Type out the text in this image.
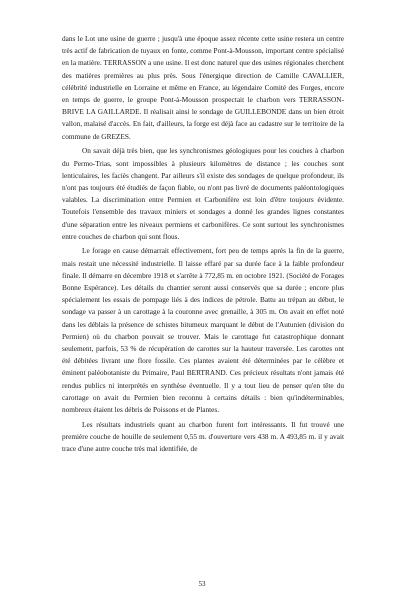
dans le Lot une usine de guerre ; jusqu'à une époque assez récente cette usine restera un centre très actif de fabrication de tuyaux en fonte, comme Pont-à-Mousson, important centre spécialisé en la matière. TERRASSON a une usine. Il est donc naturel que des usines régionales cherchent des matières premières au plus près. Sous l'énergique direction de Camille CAVALLIER, célébrité industrielle en Lorraine et même en France, au légendaire Comité des Forges, encore en temps de guerre, le groupe Pont-à-Mousson prospectait le charbon vers TERRASSON-BRIVE LA GAILLARDE. Il réalisait ainsi le sondage de GUILLEBONDE dans un bien étroit vallon, malaisé d'accès. En fait, d'ailleurs, la forge est déjà face au cadastre sur le territoire de la commune de GREZES.

On savait déjà très bien, que les synchronismes géologiques pour les couches à charbon du Permo-Trias, sont impossibles à plusieurs kilomètres de distance ; les couches sont lenticulaires, les faciès changent. Par ailleurs s'il existe des sondages de quelque profondeur, ils n'ont pas toujours été étudiés de façon fiable, ou n'ont pas livré de documents paléontologiques valables. La discrimination entre Permien et Carbonifère est loin d'être toujours évidente. Toutefois l'ensemble des travaux miniers et sondages a donné les grandes lignes constantes d'une séparation entre les niveaux permiens et carbonifères. Ce sont surtout les synchronismes entre couches de charbon qui sont flous.

Le forage en cause démarrait effectivement, fort peu de temps après la fin de la guerre, mais restait une nécessité industrielle. Il laisse effaré par sa durée face à la faible profondeur finale. Il démarre en décembre 1918 et s'arrête à 772,85 m. en octobre 1921. (Société de Forages Bonne Espérance). Les détails du chantier seront aussi conservés que sa durée ; encore plus spécialement les essais de pompage liés à des indices de pétrole. Battu au trépan au début, le sondage va passer à un carottage à la couronne avec grenaille, à 305 m. On avait en effet noté dans les déblais la présence de schistes bitumeux marquant le début de l'Autunien (division du Permien) où du charbon pouvait se trouver. Mais le carottage fut catastrophique donnant seulement, parfois, 53 % de récupération de carottes sur la hauteur traversée. Les carottes ont été débitées livrant une flore fossile. Ces plantes avaient été déterminées par le célèbre et éminent paléobotaniste du Primaire, Paul BERTRAND. Ces précieux résultats n'ont jamais été rendus publics ni interprétés en synthèse éventuelle. Il y a tout lieu de penser qu'en tête du carottage on avait du Permien bien reconnu à certains détails : bien qu'indéterminables, nombreux étaient les débris de Poissons et de Plantes.

Les résultats industriels quant au charbon furent fort intéressants. Il fut trouvé une première couche de houille de seulement 0,55 m. d'ouverture vers 438 m. A 493,85 m. il y avait trace d'une autre couche très mal identifiée, de

53
